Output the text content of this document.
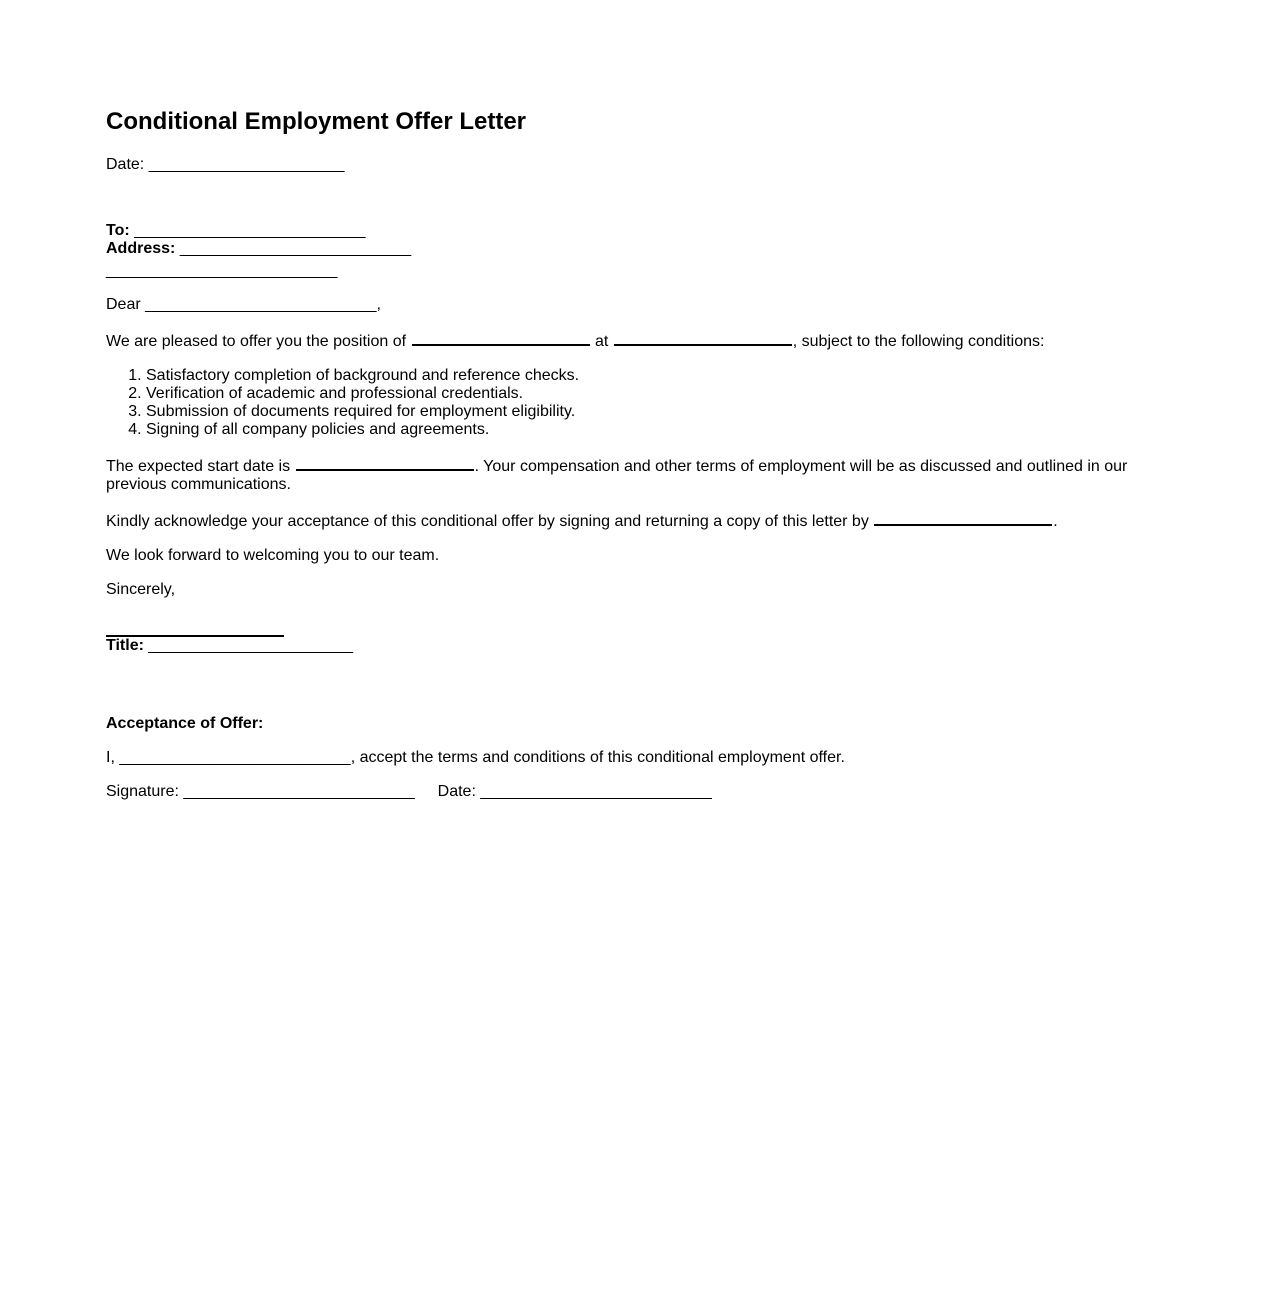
Conditional Employment Offer Letter

Date: ______________________

To: __________________________
Address: __________________________

__________________________

Dear __________________________,

We are pleased to offer you the position of	at	, subject to the following conditions:

1. Satisfactory completion of background and reference checks.
2. Verification of academic and professional credentials.
3. Submission of documents required for employment eligibility.
4. Signing of all company policies and agreements.

The expected start date is	. Your compensation and other terms of employment will be as discussed and outlined in our previous communications.

Kindly acknowledge your acceptance of this conditional offer by signing and returning a copy of this letter by	.

We look forward to welcoming you to our team.

Sincerely,

Title: _______________________

Acceptance of Offer:

I, __________________________, accept the terms and conditions of this conditional employment offer.

Signature: __________________________ Date: __________________________
